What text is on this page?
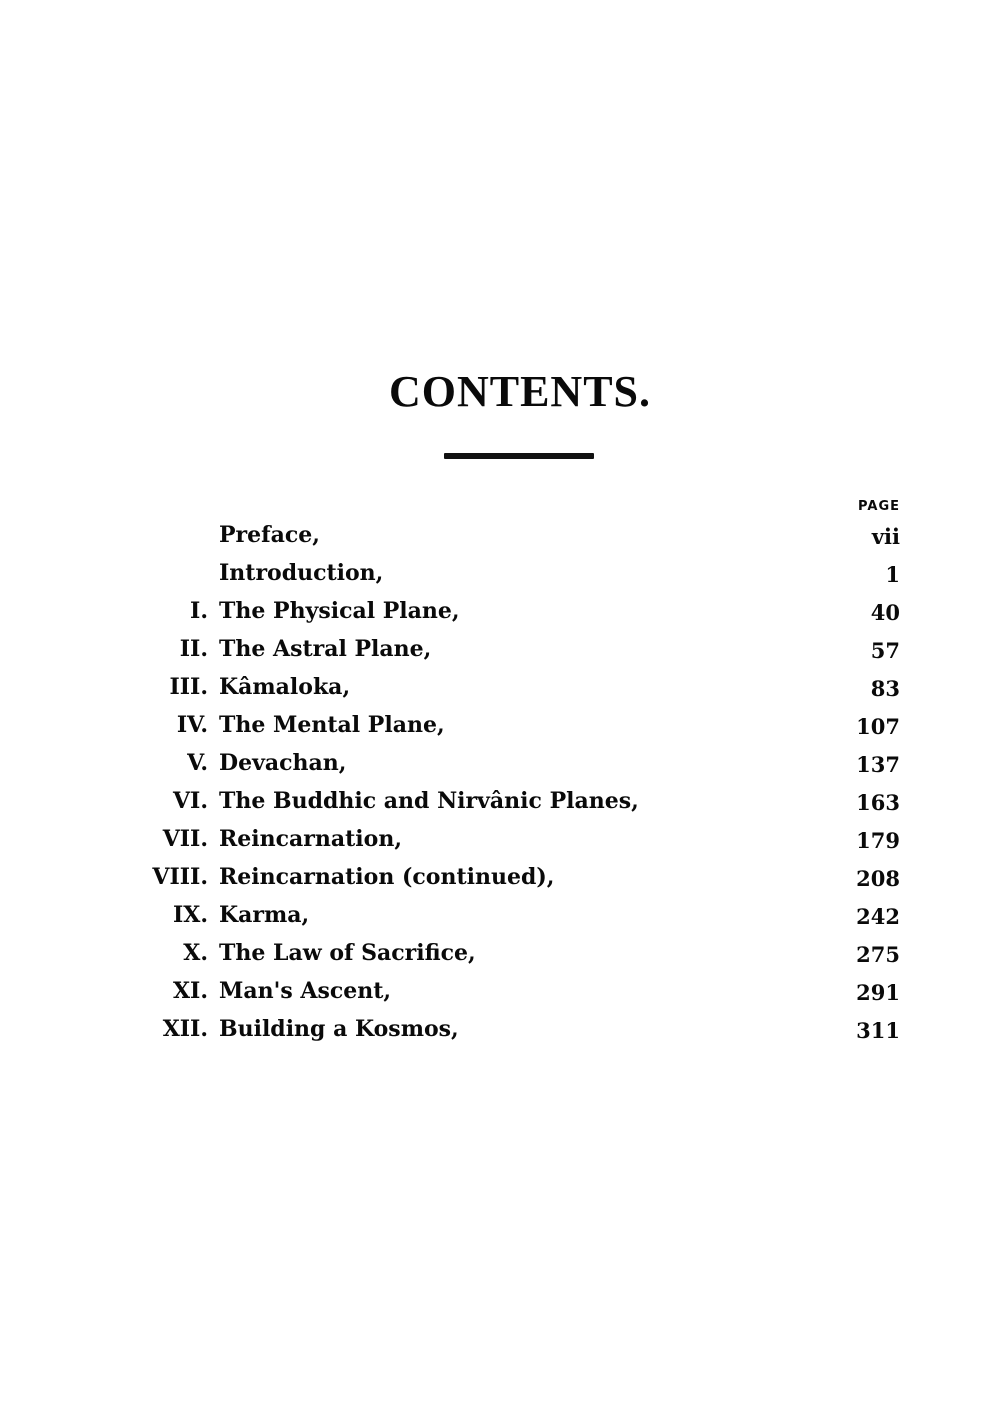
CONTENTS.
PAGE
Preface,	vii
Introduction,	1
I. The Physical Plane,	40
II. The Astral Plane,	57
III. Kâmaloka,	83
IV. The Mental Plane,	107
V. Devachan,	137
VI. The Buddhic and Nirvânic Planes,	163
VII. Reincarnation,	179
VIII. Reincarnation (continued),	208
IX. Karma,	242
X. The Law of Sacrifice,	275
XI. Man's Ascent,	291
XII. Building a Kosmos,	311
